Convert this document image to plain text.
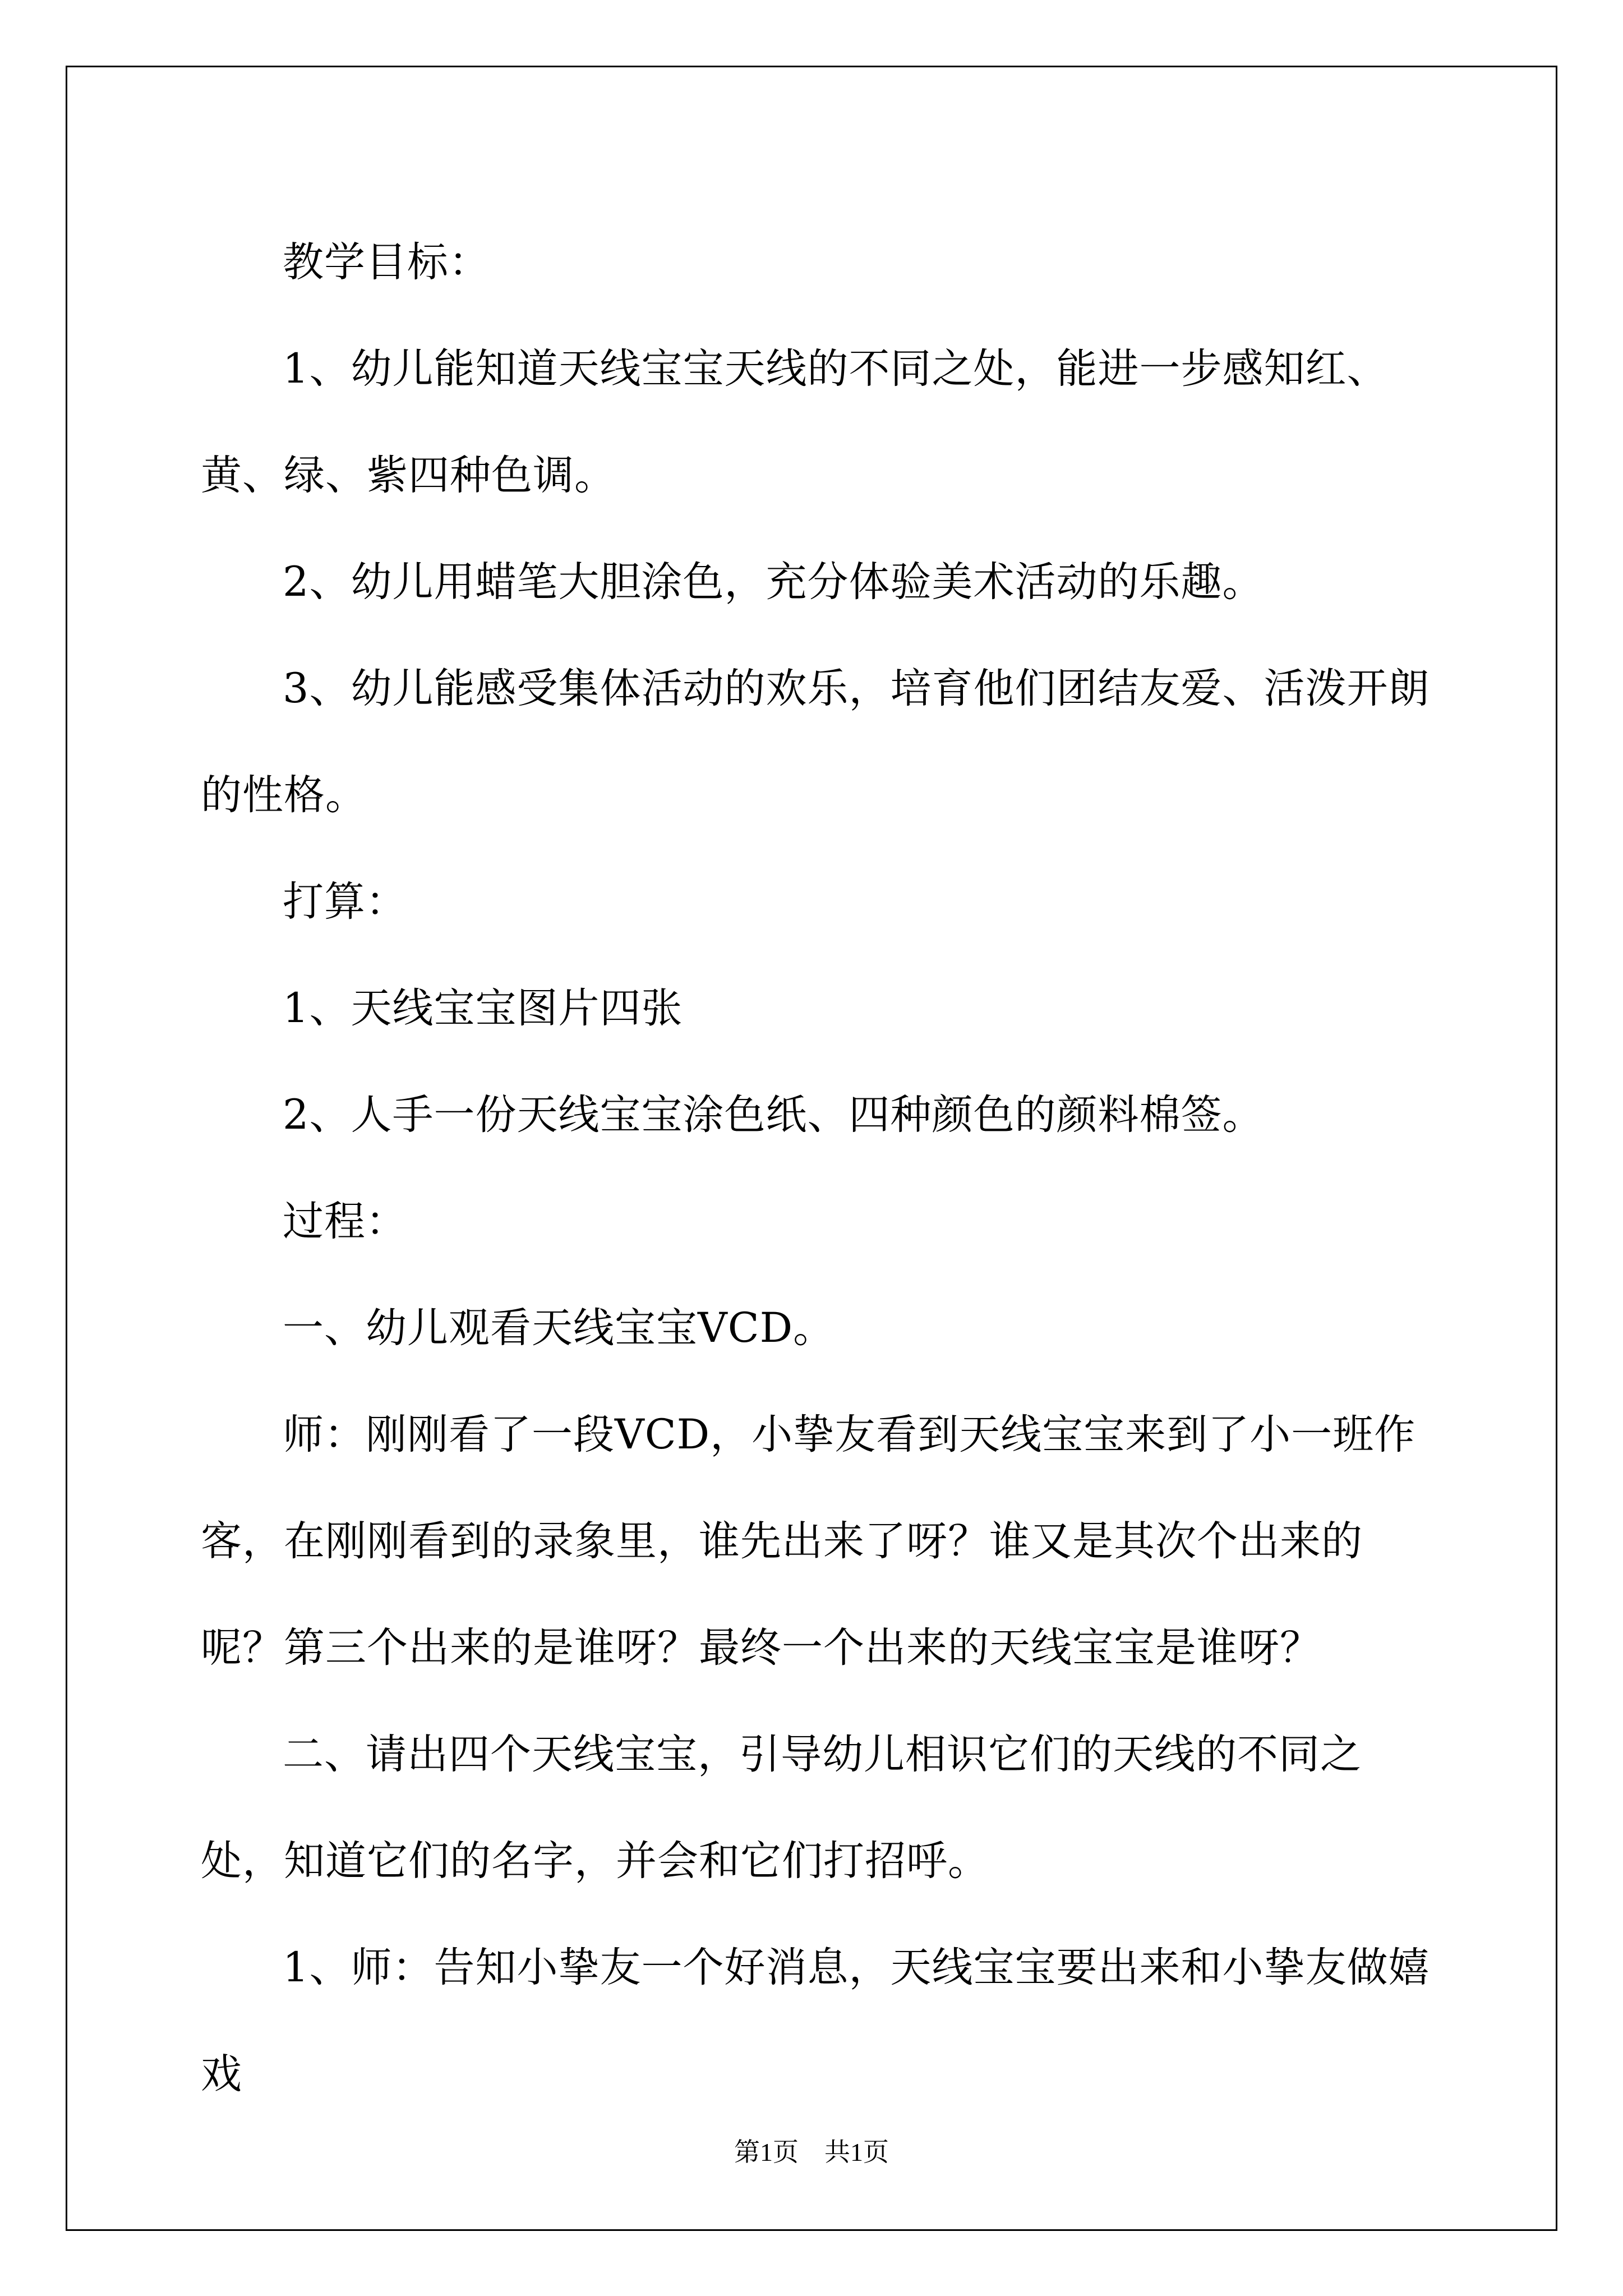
教学目标：

1、幼儿能知道天线宝宝天线的不同之处，能进一步感知红、黄、绿、紫四种色调。

2、幼儿用蜡笔大胆涂色，充分体验美术活动的乐趣。

3、幼儿能感受集体活动的欢乐，培育他们团结友爱、活泼开朗的性格。

打算：

1、天线宝宝图片四张

2、人手一份天线宝宝涂色纸、四种颜色的颜料棉签。

过程：

一、幼儿观看天线宝宝VCD。

师：刚刚看了一段VCD，小挚友看到天线宝宝来到了小一班作客，在刚刚看到的录象里，谁先出来了呀？谁又是其次个出来的呢？第三个出来的是谁呀？最终一个出来的天线宝宝是谁呀？

二、请出四个天线宝宝，引导幼儿相识它们的天线的不同之处，知道它们的名字，并会和它们打招呼。

1、师：告知小挚友一个好消息，天线宝宝要出来和小挚友做嬉戏

第1页 共1页
